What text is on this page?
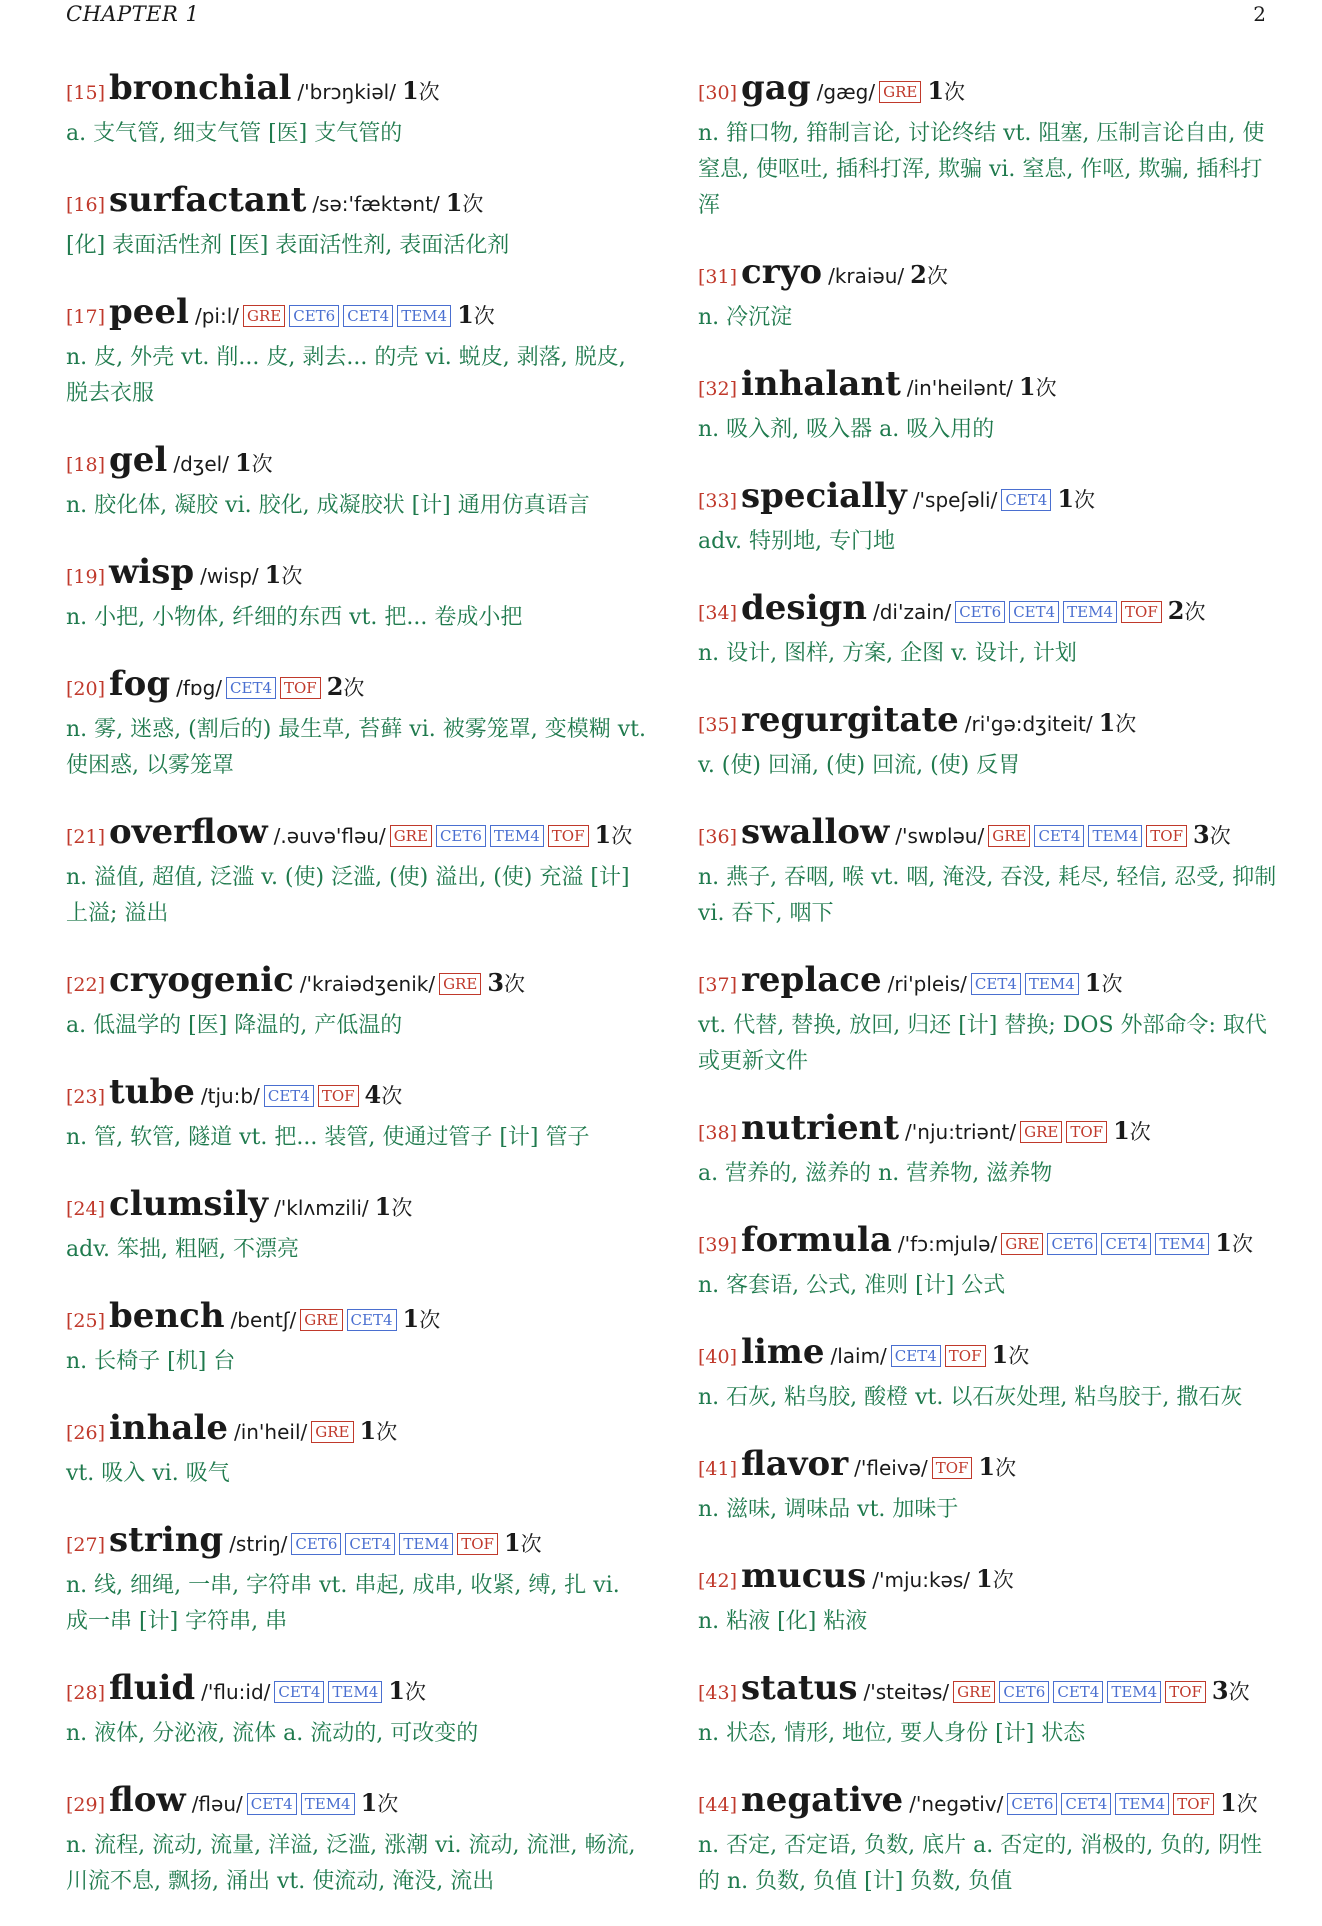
CHAPTER 1	2
[15] bronchial /'brɔŋkiəl/ 1次
a. 支气管, 细支气管 [医] 支气管的
[16] surfactant /sə:'fæktənt/ 1次
[化] 表面活性剂 [医] 表面活性剂, 表面活化剂
[17] peel /pi:l/ GRE CET6 CET4 TEM4 1次
n. 皮, 外壳 vt. 削... 皮, 剥去... 的壳 vi. 蜕皮, 剥落, 脱皮, 脱去衣服
[18] gel /dʒel/ 1次
n. 胶化体, 凝胶 vi. 胶化, 成凝胶状 [计] 通用仿真语言
[19] wisp /wisp/ 1次
n. 小把, 小物体, 纤细的东西 vt. 把... 卷成小把
[20] fog /fɒg/ CET4 TOF 2次
n. 雾, 迷惑, (割后的) 最生草, 苔藓 vi. 被雾笼罩, 变模糊 vt. 使困惑, 以雾笼罩
[21] overflow /.əuvə'fləu/ GRE CET6 TEM4 TOF 1次
n. 溢值, 超值, 泛滥 v. (使) 泛滥, (使) 溢出, (使) 充溢 [计] 上溢; 溢出
[22] cryogenic /'kraiədʒenik/ GRE 3次
a. 低温学的 [医] 降温的, 产低温的
[23] tube /tju:b/ CET4 TOF 4次
n. 管, 软管, 隧道 vt. 把... 装管, 使通过管子 [计] 管子
[24] clumsily /'klʌmzili/ 1次
adv. 笨拙, 粗陋, 不漂亮
[25] bench /bentʃ/ GRE CET4 1次
n. 长椅子 [机] 台
[26] inhale /in'heil/ GRE 1次
vt. 吸入 vi. 吸气
[27] string /striŋ/ CET6 CET4 TEM4 TOF 1次
n. 线, 细绳, 一串, 字符串 vt. 串起, 成串, 收紧, 缚, 扎 vi. 成一串 [计] 字符串, 串
[28] fluid /'flu:id/ CET4 TEM4 1次
n. 液体, 分泌液, 流体 a. 流动的, 可改变的
[29] flow /fləu/ CET4 TEM4 1次
n. 流程, 流动, 流量, 洋溢, 泛滥, 涨潮 vi. 流动, 流泄, 畅流, 川流不息, 飘扬, 涌出 vt. 使流动, 淹没, 流出
[30] gag /gæg/ GRE 1次
n. 箝口物, 箝制言论, 讨论终结 vt. 阻塞, 压制言论自由, 使窒息, 使呕吐, 插科打浑, 欺骗 vi. 窒息, 作呕, 欺骗, 插科打浑
[31] cryo /kraiəu/ 2次
n. 冷沉淀
[32] inhalant /in'heilənt/ 1次
n. 吸入剂, 吸入器 a. 吸入用的
[33] specially /'speʃəli/ CET4 1次
adv. 特别地, 专门地
[34] design /di'zain/ CET6 CET4 TEM4 TOF 2次
n. 设计, 图样, 方案, 企图 v. 设计, 计划
[35] regurgitate /ri'gə:dʒiteit/ 1次
v. (使) 回涌, (使) 回流, (使) 反胃
[36] swallow /'swɒləu/ GRE CET4 TEM4 TOF 3次
n. 燕子, 吞咽, 喉 vt. 咽, 淹没, 吞没, 耗尽, 轻信, 忍受, 抑制 vi. 吞下, 咽下
[37] replace /ri'pleis/ CET4 TEM4 1次
vt. 代替, 替换, 放回, 归还 [计] 替换; DOS 外部命令: 取代或更新文件
[38] nutrient /'nju:triənt/ GRE TOF 1次
a. 营养的, 滋养的 n. 营养物, 滋养物
[39] formula /'fɔ:mjulə/ GRE CET6 CET4 TEM4 1次
n. 客套语, 公式, 准则 [计] 公式
[40] lime /laim/ CET4 TOF 1次
n. 石灰, 粘鸟胶, 酸橙 vt. 以石灰处理, 粘鸟胶于, 撒石灰
[41] flavor /'fleivə/ TOF 1次
n. 滋味, 调味品 vt. 加味于
[42] mucus /'mju:kəs/ 1次
n. 粘液 [化] 粘液
[43] status /'steitəs/ GRE CET6 CET4 TEM4 TOF 3次
n. 状态, 情形, 地位, 要人身份 [计] 状态
[44] negative /'negətiv/ CET6 CET4 TEM4 TOF 1次
n. 否定, 否定语, 负数, 底片 a. 否定的, 消极的, 负的, 阴性的 n. 负数, 负值 [计] 负数, 负值
